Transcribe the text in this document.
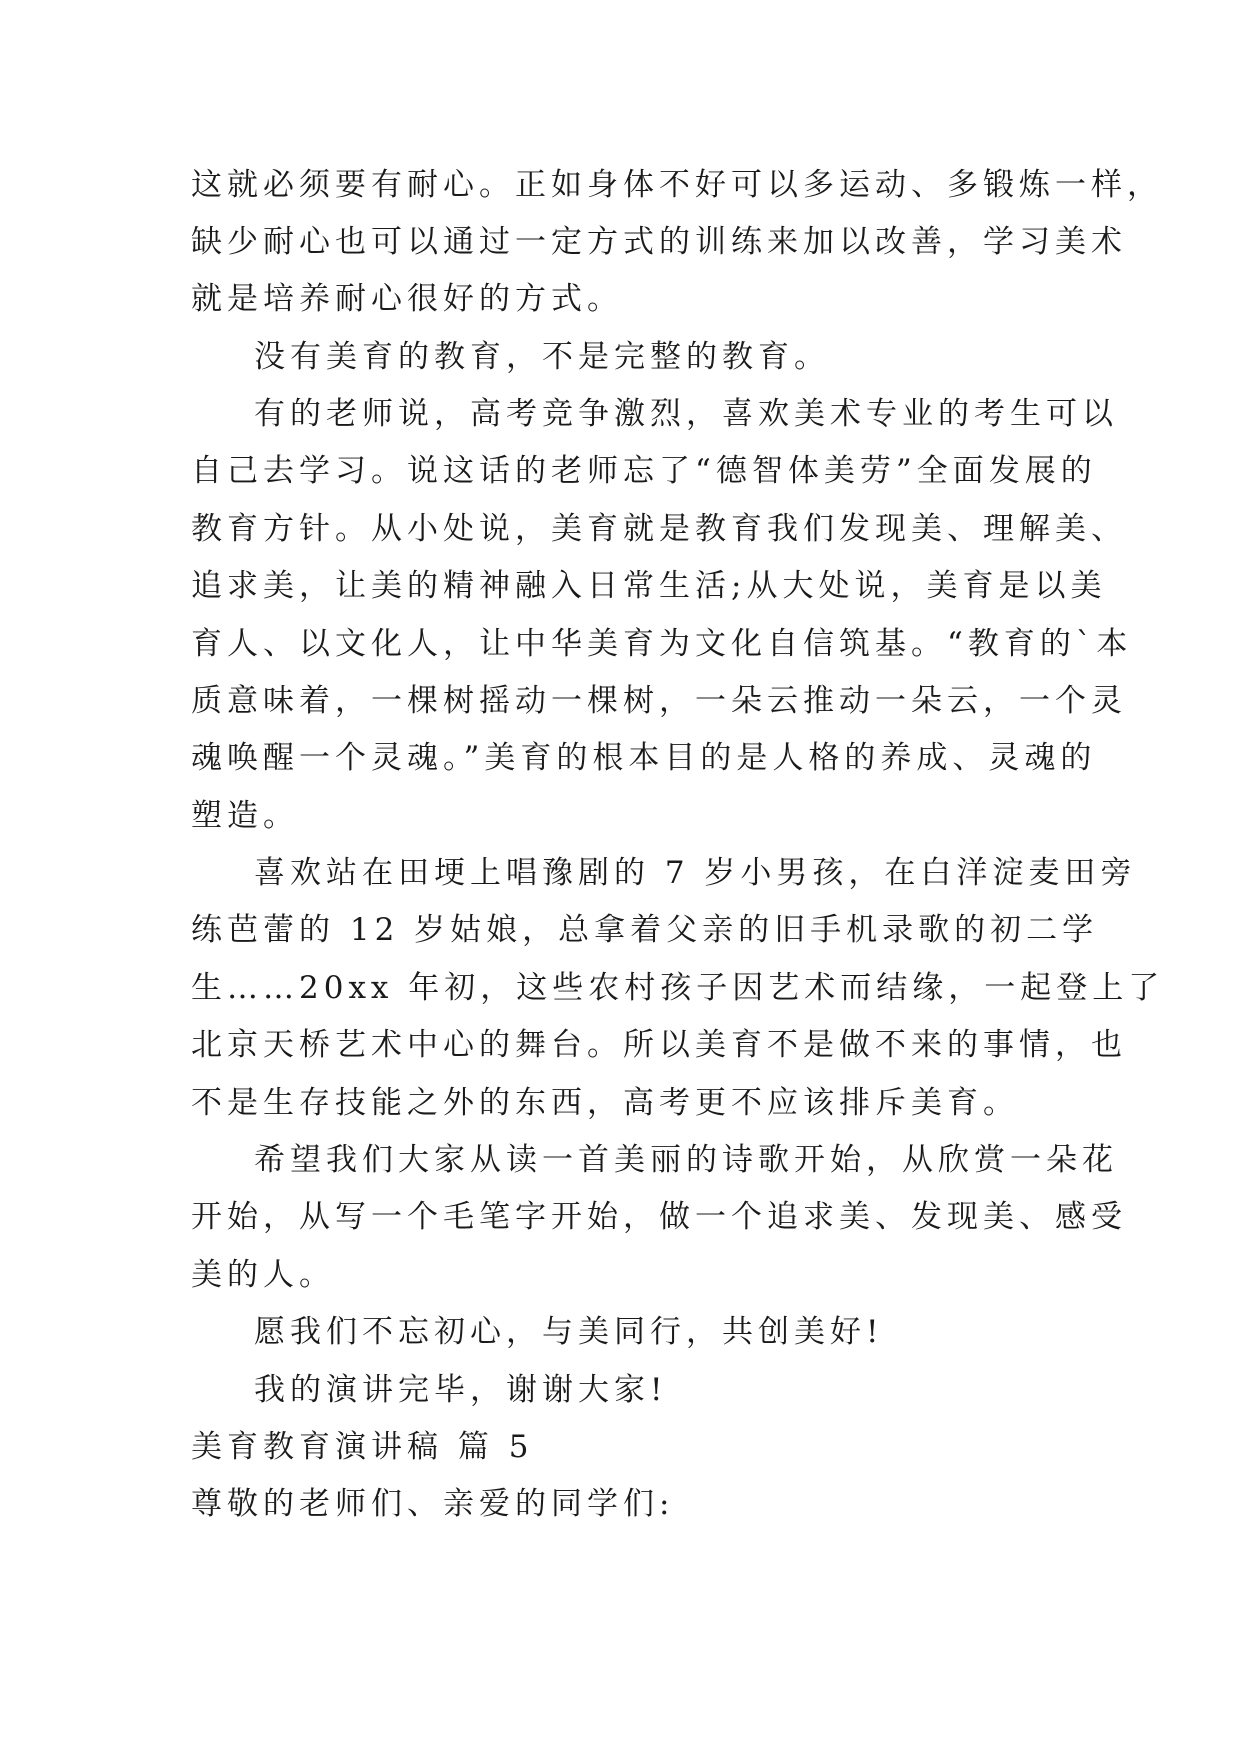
这就必须要有耐心。正如身体不好可以多运动、多锻炼一样，
缺少耐心也可以通过一定方式的训练来加以改善，学习美术
就是培养耐心很好的方式。
没有美育的教育，不是完整的教育。
有的老师说，高考竞争激烈，喜欢美术专业的考生可以
自己去学习。说这话的老师忘了“德智体美劳”全面发展的
教育方针。从小处说，美育就是教育我们发现美、理解美、
追求美，让美的精神融入日常生活;从大处说，美育是以美
育人、以文化人，让中华美育为文化自信筑基。“教育的`本
质意味着，一棵树摇动一棵树，一朵云推动一朵云，一个灵
魂唤醒一个灵魂。”美育的根本目的是人格的养成、灵魂的
塑造。
喜欢站在田埂上唱豫剧的 7 岁小男孩，在白洋淀麦田旁
练芭蕾的 12 岁姑娘，总拿着父亲的旧手机录歌的初二学
生……20xx 年初，这些农村孩子因艺术而结缘，一起登上了
北京天桥艺术中心的舞台。所以美育不是做不来的事情，也
不是生存技能之外的东西，高考更不应该排斥美育。
希望我们大家从读一首美丽的诗歌开始，从欣赏一朵花
开始，从写一个毛笔字开始，做一个追求美、发现美、感受
美的人。
愿我们不忘初心，与美同行，共创美好!
我的演讲完毕，谢谢大家!
美育教育演讲稿 篇 5
尊敬的老师们、亲爱的同学们:
